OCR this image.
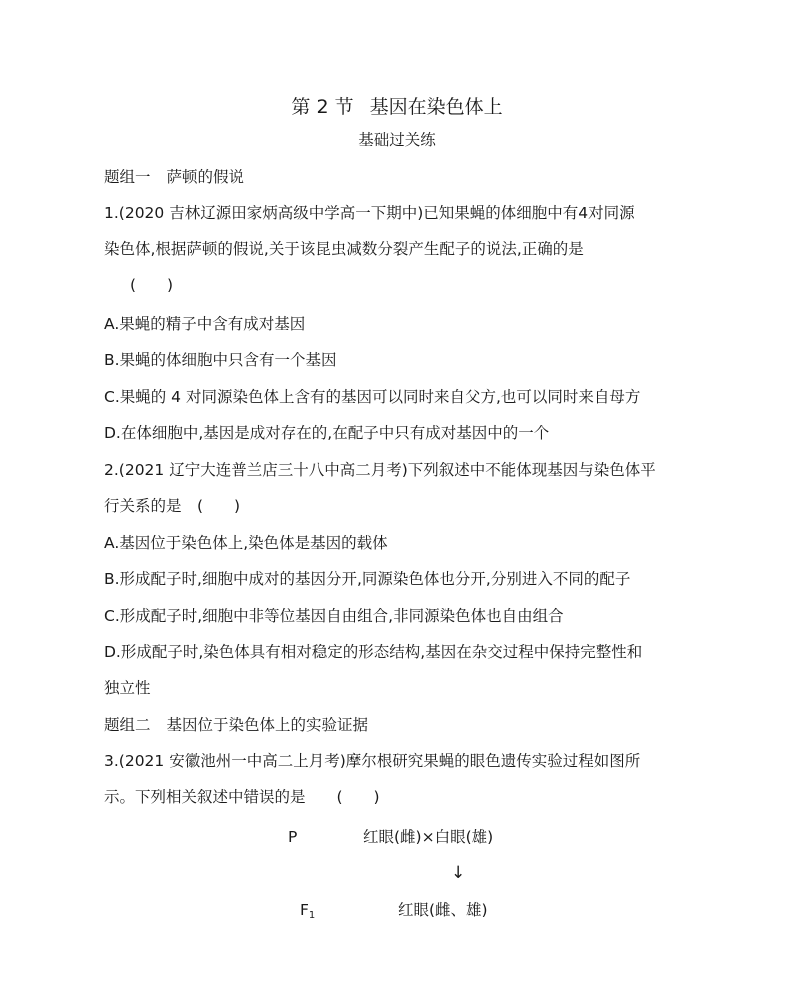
第 2 节 基因在染色体上
基础过关练
题组一 萨顿的假说
1.(2020 吉林辽源田家炳高级中学高一下期中)已知果蝇的体细胞中有4对同源
染色体,根据萨顿的假说,关于该昆虫减数分裂产生配子的说法,正确的是
(　　)
A.果蝇的精子中含有成对基因
B.果蝇的体细胞中只含有一个基因
C.果蝇的 4 对同源染色体上含有的基因可以同时来自父方,也可以同时来自母方
D.在体细胞中,基因是成对存在的,在配子中只有成对基因中的一个
2.(2021 辽宁大连普兰店三十八中高二月考)下列叙述中不能体现基因与染色体平
行关系的是　(　　)
A.基因位于染色体上,染色体是基因的载体
B.形成配子时,细胞中成对的基因分开,同源染色体也分开,分别进入不同的配子
C.形成配子时,细胞中非等位基因自由组合,非同源染色体也自由组合
D.形成配子时,染色体具有相对稳定的形态结构,基因在杂交过程中保持完整性和
独立性
题组二 基因位于染色体上的实验证据
3.(2021 安徽池州一中高二上月考)摩尔根研究果蝇的眼色遗传实验过程如图所
示。下列相关叙述中错误的是　　(　　)
P	红眼(雌)×白眼(雄)
↓
$F_1$	红眼(雌、雄)
